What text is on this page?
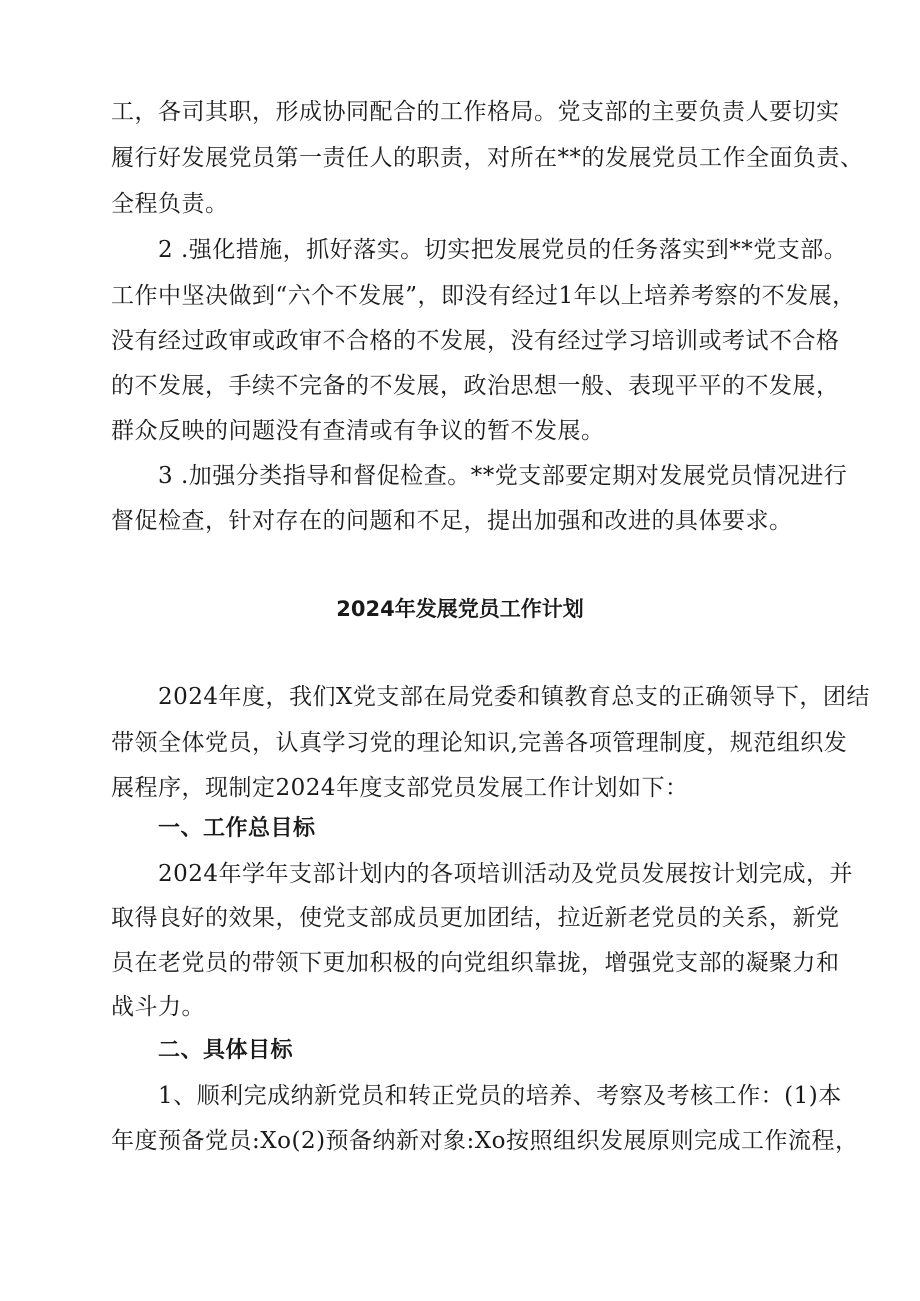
工，各司其职，形成协同配合的工作格局。党支部的主要负责人要切实
履行好发展党员第一责任人的职责，对所在**的发展党员工作全面负责、
全程负责。
2 .强化措施，抓好落实。切实把发展党员的任务落实到**党支部。
工作中坚决做到“六个不发展”，即没有经过1年以上培养考察的不发展，
没有经过政审或政审不合格的不发展，没有经过学习培训或考试不合格
的不发展，手续不完备的不发展，政治思想一般、表现平平的不发展，
群众反映的问题没有查清或有争议的暂不发展。
3 .加强分类指导和督促检查。**党支部要定期对发展党员情况进行
督促检查，针对存在的问题和不足，提出加强和改进的具体要求。
2024年发展党员工作计划
2024年度，我们X党支部在局党委和镇教育总支的正确领导下，团结
带领全体党员，认真学习党的理论知识,完善各项管理制度，规范组织发
展程序，现制定2024年度支部党员发展工作计划如下：
一、工作总目标
2024年学年支部计划内的各项培训活动及党员发展按计划完成，并
取得良好的效果，使党支部成员更加团结，拉近新老党员的关系，新党
员在老党员的带领下更加积极的向党组织靠拢，增强党支部的凝聚力和
战斗力。
二、具体目标
1、顺利完成纳新党员和转正党员的培养、考察及考核工作：(1)本
年度预备党员:Xo(2)预备纳新对象:Xo按照组织发展原则完成工作流程，
